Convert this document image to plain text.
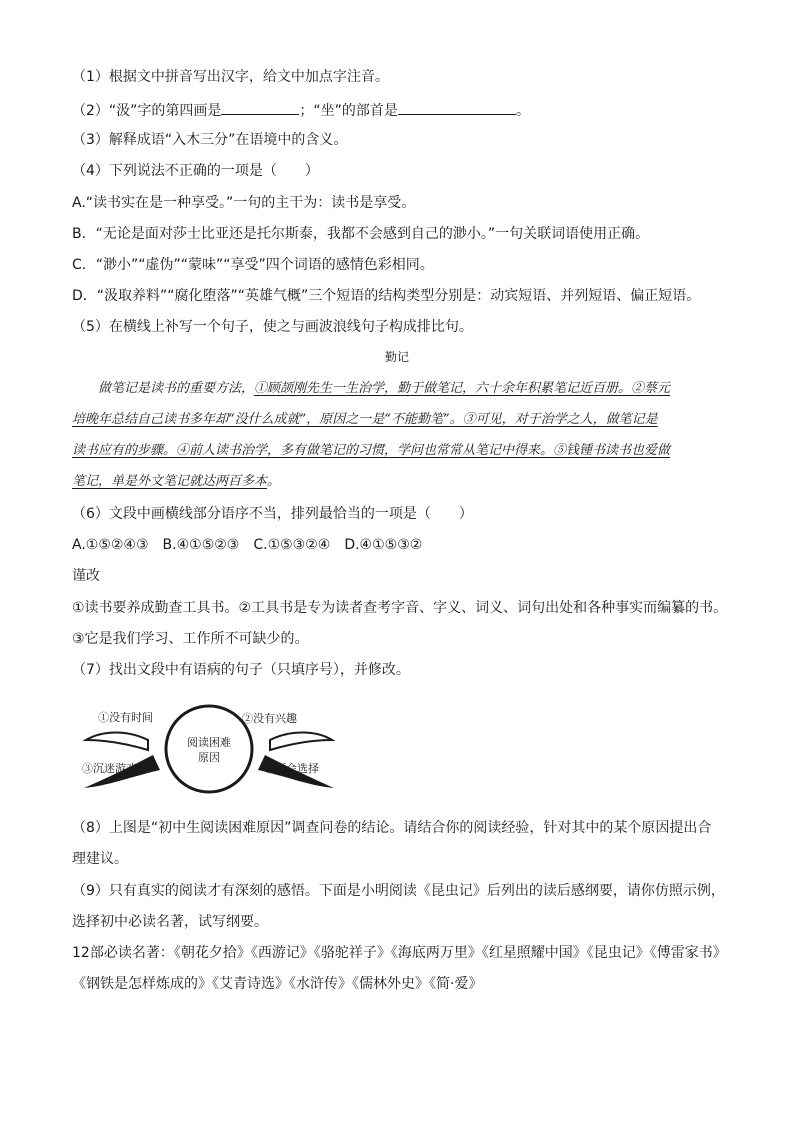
（1）根据文中拼音写出汉字，给文中加点字注音。
（2）“汲”字的第四画是	；“坐”的部首是	。
（3）解释成语“入木三分”在语境中的含义。
（4）下列说法不正确的一项是（　　）
A.“读书实在是一种享受。”一句的主干为：读书是享受。
B．“无论是面对莎士比亚还是托尔斯泰，我都不会感到自己的渺小。”一句关联词语使用正确。
C．“渺小”“虚伪”“蒙味”“享受”四个词语的感情色彩相同。
D．“汲取养料”“腐化堕落”“英雄气概”三个短语的结构类型分别是：动宾短语、并列短语、偏正短语。
（5）在横线上补写一个句子，使之与画波浪线句子构成排比句。
勤记
做笔记是读书的重要方法，①顾颉刚先生一生治学，勤于做笔记，六十余年积累笔记近百册。②蔡元
培晚年总结自己读书多年却“没什么成就”，原因之一是“不能勤笔”。③可见，对于治学之人，做笔记是
读书应有的步骤。④前人读书治学，多有做笔记的习惯，学问也常常从笔记中得来。⑤钱锺书读书也爱做
笔记，单是外文笔记就达两百多本。
（6）文段中画横线部分语序不当，排列最恰当的一项是（　　）
A.①⑤②④③　B.④①⑤②③　C.①⑤③②④　D.④①⑤③②
谨改
①读书要养成勤查工具书。②工具书是专为读者查考字音、字义、词义、词句出处和各种事实而编纂的书。
③它是我们学习、工作所不可缺少的。
（7）找出文段中有语病的句子（只填序号），并修改。
阅读困难
原因
①没有时间	②没有兴趣
③沉迷游戏	④不会选择
（8）上图是“初中生阅读困难原因”调查问卷的结论。请结合你的阅读经验，针对其中的某个原因提出合
理建议。
（9）只有真实的阅读才有深刻的感悟。下面是小明阅读《昆虫记》后列出的读后感纲要，请你仿照示例，
选择初中必读名著，试写纲要。
12部必读名著：《朝花夕拾》《西游记》《骆驼祥子》《海底两万里》《红星照耀中国》《昆虫记》《傅雷家书》
《钢铁是怎样炼成的》《艾青诗选》《水浒传》《儒林外史》《简·爱》
